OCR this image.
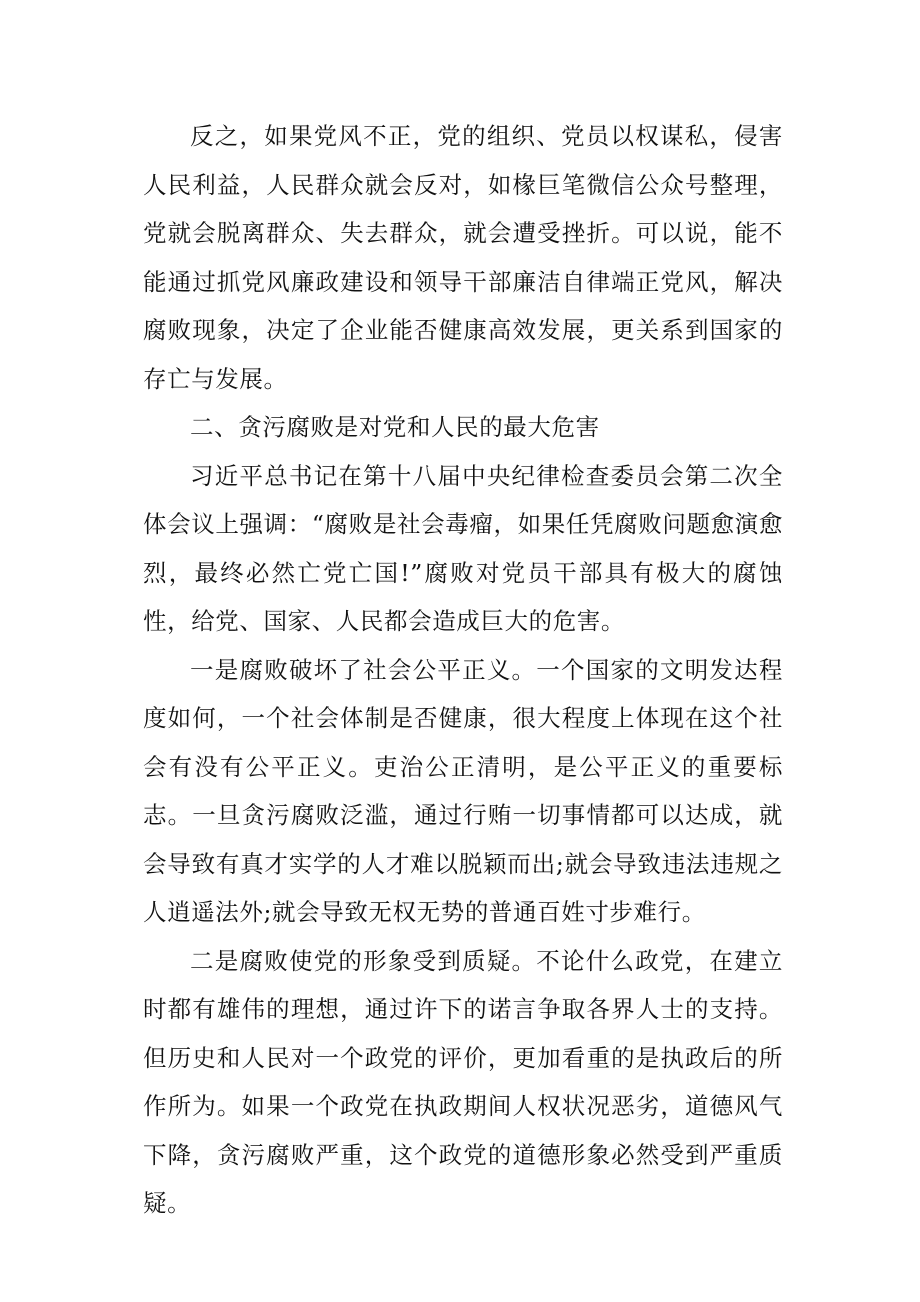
反之，如果党风不正，党的组织、党员以权谋私，侵害人民利益，人民群众就会反对，如椽巨笔微信公众号整理，党就会脱离群众、失去群众，就会遭受挫折。可以说，能不能通过抓党风廉政建设和领导干部廉洁自律端正党风，解决腐败现象，决定了企业能否健康高效发展，更关系到国家的存亡与发展。

二、贪污腐败是对党和人民的最大危害

习近平总书记在第十八届中央纪律检查委员会第二次全体会议上强调：“腐败是社会毒瘤，如果任凭腐败问题愈演愈烈，最终必然亡党亡国!”腐败对党员干部具有极大的腐蚀性，给党、国家、人民都会造成巨大的危害。

一是腐败破坏了社会公平正义。一个国家的文明发达程度如何，一个社会体制是否健康，很大程度上体现在这个社会有没有公平正义。吏治公正清明，是公平正义的重要标志。一旦贪污腐败泛滥，通过行贿一切事情都可以达成，就会导致有真才实学的人才难以脱颖而出;就会导致违法违规之人逍遥法外;就会导致无权无势的普通百姓寸步难行。

二是腐败使党的形象受到质疑。不论什么政党，在建立时都有雄伟的理想，通过许下的诺言争取各界人士的支持。但历史和人民对一个政党的评价，更加看重的是执政后的所作所为。如果一个政党在执政期间人权状况恶劣，道德风气下降，贪污腐败严重，这个政党的道德形象必然受到严重质疑。
